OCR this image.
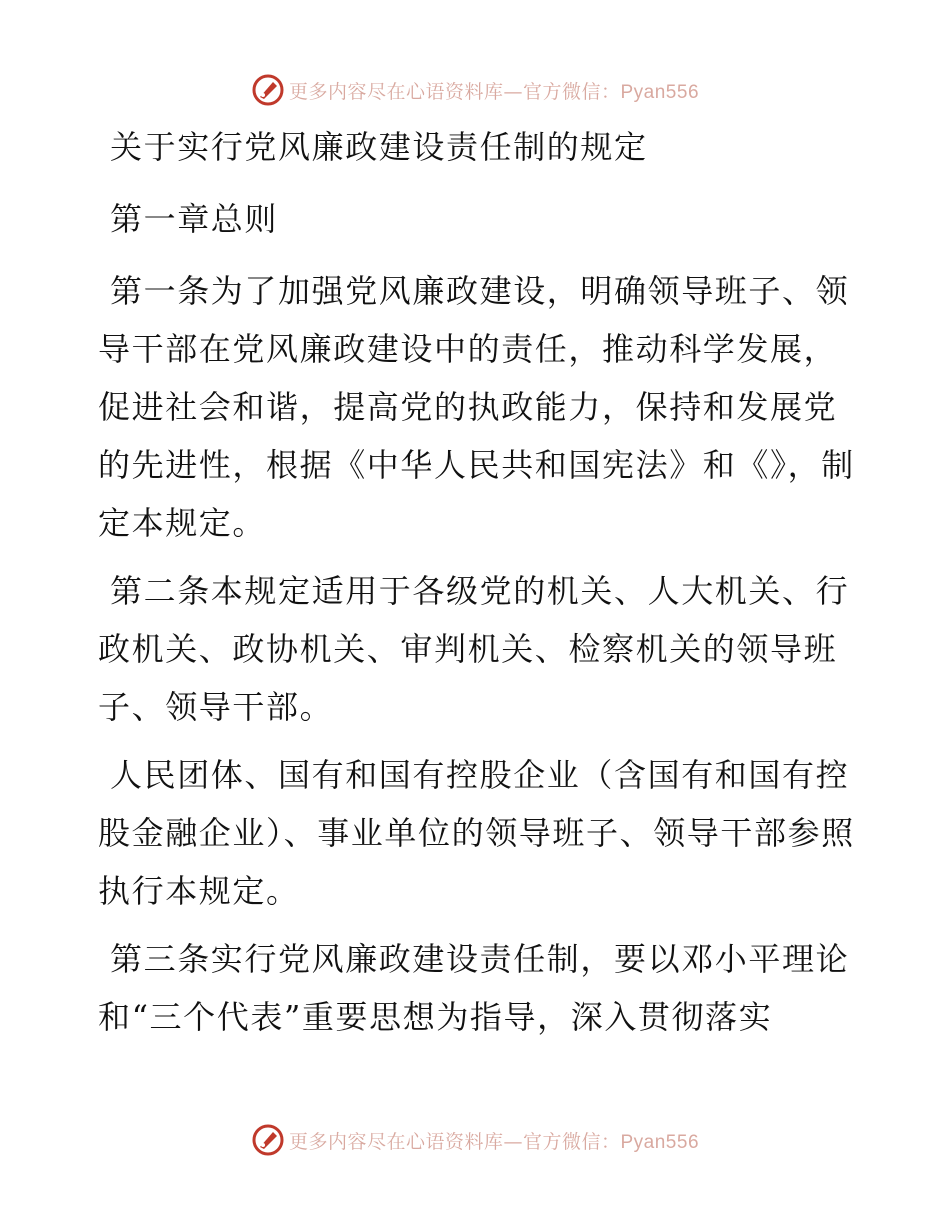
更多内容尽在心语资料库—官方微信：Pyan556

关于实行党风廉政建设责任制的规定

第一章总则

第一条为了加强党风廉政建设，明确领导班子、领导干部在党风廉政建设中的责任，推动科学发展，促进社会和谐，提高党的执政能力，保持和发展党的先进性，根据《中华人民共和国宪法》和《》，制定本规定。

第二条本规定适用于各级党的机关、人大机关、行政机关、政协机关、审判机关、检察机关的领导班子、领导干部。

人民团体、国有和国有控股企业（含国有和国有控股金融企业）、事业单位的领导班子、领导干部参照执行本规定。

第三条实行党风廉政建设责任制，要以邓小平理论和“三个代表”重要思想为指导，深入贯彻落实

更多内容尽在心语资料库—官方微信：Pyan556
